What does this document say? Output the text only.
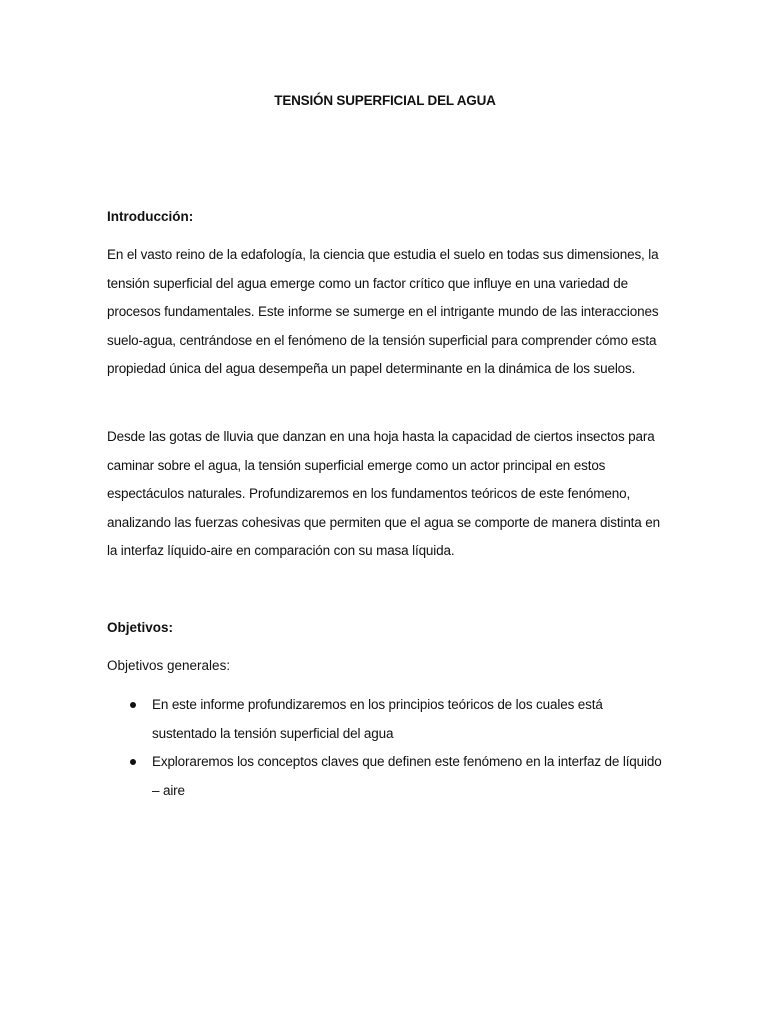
TENSIÓN SUPERFICIAL DEL AGUA
Introducción:

En el vasto reino de la edafología, la ciencia que estudia el suelo en todas sus dimensiones, la tensión superficial del agua emerge como un factor crítico que influye en una variedad de procesos fundamentales. Este informe se sumerge en el intrigante mundo de las interacciones suelo-agua, centrándose en el fenómeno de la tensión superficial para comprender cómo esta propiedad única del agua desempeña un papel determinante en la dinámica de los suelos.

Desde las gotas de lluvia que danzan en una hoja hasta la capacidad de ciertos insectos para caminar sobre el agua, la tensión superficial emerge como un actor principal en estos espectáculos naturales. Profundizaremos en los fundamentos teóricos de este fenómeno, analizando las fuerzas cohesivas que permiten que el agua se comporte de manera distinta en la interfaz líquido-aire en comparación con su masa líquida.

Objetivos:
Objetivos generales:
En este informe profundizaremos en los principios teóricos de los cuales está sustentado la tensión superficial del agua
Exploraremos los conceptos claves que definen este fenómeno en la interfaz de líquido – aire
